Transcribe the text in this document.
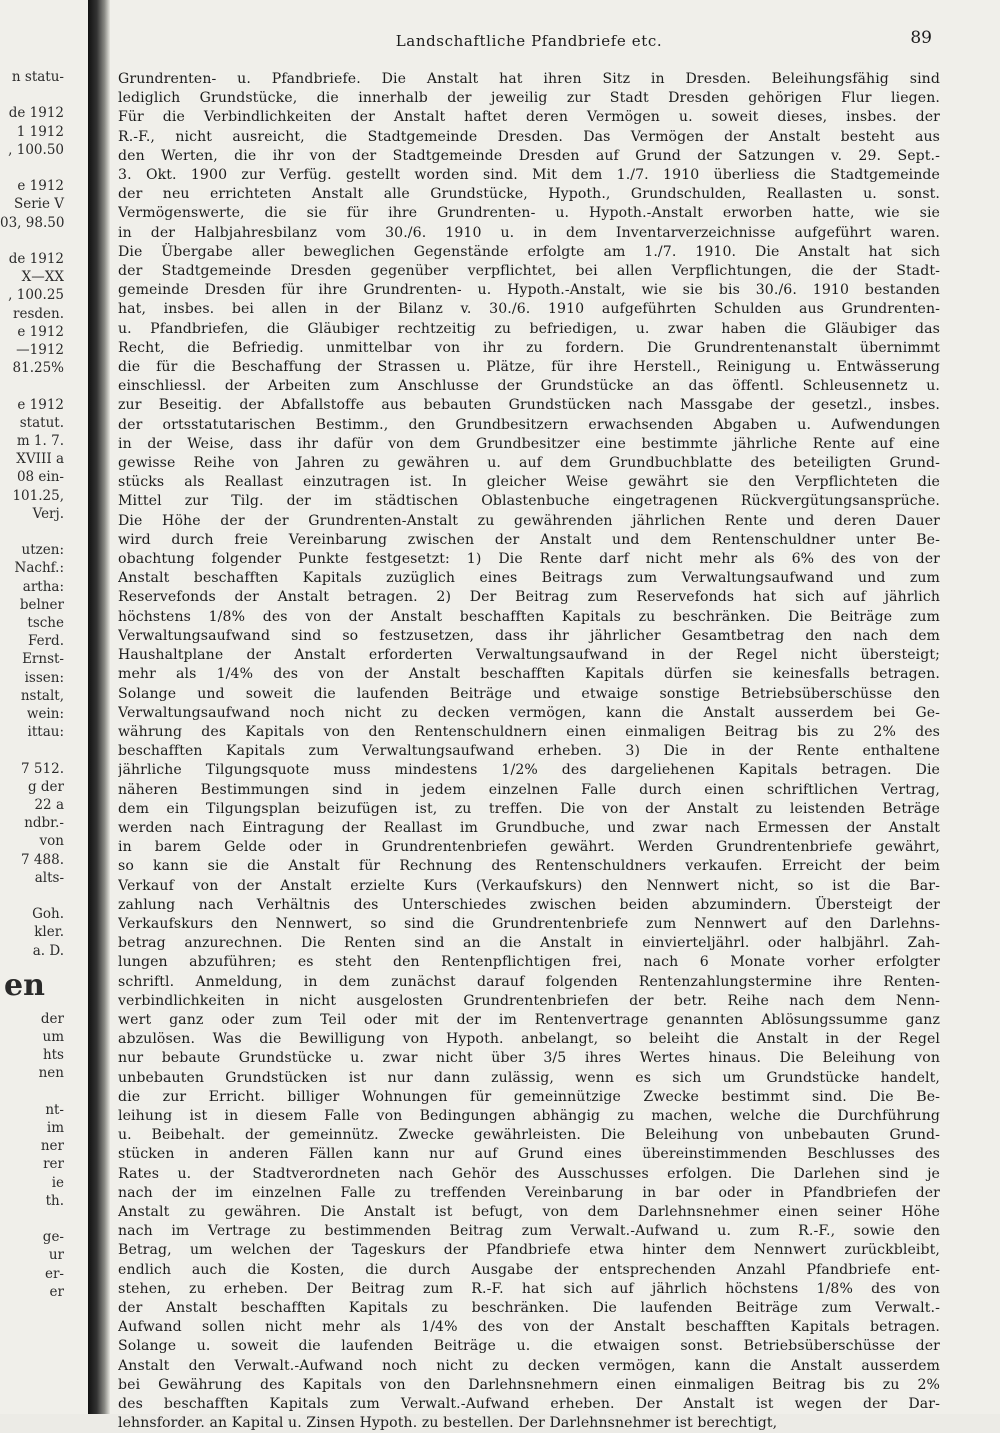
n statu-
de 1912
1 1912
, 100.50
e 1912
Serie V
03, 98.50
de 1912
X—XX
, 100.25
resden.
e 1912
—1912
81.25%
e 1912
statut.
m 1. 7.
XVIII a
08 ein-
101.25,
Verj.
utzen:
Nachf.:
artha:
belner
tsche
Ferd.
Ernst-
issen:
nstalt,
wein:
ittau:
7 512.
g der
22 a
ndbr.-
von
7 488.
alts-
Goh.
kler.
a. D.
en
der
um
hts
nen
nt-
im
ner
rer
ie
th.
ge-
ur
er-
er
Landschaftliche Pfandbriefe etc.	89
Grundrenten- u. Pfandbriefe. Die Anstalt hat ihren Sitz in Dresden. Beleihungsfähig sind
lediglich Grundstücke, die innerhalb der jeweilig zur Stadt Dresden gehörigen Flur liegen.
Für die Verbindlichkeiten der Anstalt haftet deren Vermögen u. soweit dieses, insbes. der
R.-F., nicht ausreicht, die Stadtgemeinde Dresden. Das Vermögen der Anstalt besteht aus
den Werten, die ihr von der Stadtgemeinde Dresden auf Grund der Satzungen v. 29. Sept.-
3. Okt. 1900 zur Verfüg. gestellt worden sind. Mit dem 1./7. 1910 überliess die Stadtgemeinde
der neu errichteten Anstalt alle Grundstücke, Hypoth., Grundschulden, Reallasten u. sonst.
Vermögenswerte, die sie für ihre Grundrenten- u. Hypoth.-Anstalt erworben hatte, wie sie
in der Halbjahresbilanz vom 30./6. 1910 u. in dem Inventarverzeichnisse aufgeführt waren.
Die Übergabe aller beweglichen Gegenstände erfolgte am 1./7. 1910. Die Anstalt hat sich
der Stadtgemeinde Dresden gegenüber verpflichtet, bei allen Verpflichtungen, die der Stadt-
gemeinde Dresden für ihre Grundrenten- u. Hypoth.-Anstalt, wie sie bis 30./6. 1910 bestanden
hat, insbes. bei allen in der Bilanz v. 30./6. 1910 aufgeführten Schulden aus Grundrenten-
u. Pfandbriefen, die Gläubiger rechtzeitig zu befriedigen, u. zwar haben die Gläubiger das
Recht, die Befriedig. unmittelbar von ihr zu fordern. Die Grundrentenanstalt übernimmt
die für die Beschaffung der Strassen u. Plätze, für ihre Herstell., Reinigung u. Entwässerung
einschliessl. der Arbeiten zum Anschlusse der Grundstücke an das öffentl. Schleusennetz u.
zur Beseitig. der Abfallstoffe aus bebauten Grundstücken nach Massgabe der gesetzl., insbes.
der ortsstatutarischen Bestimm., den Grundbesitzern erwachsenden Abgaben u. Aufwendungen
in der Weise, dass ihr dafür von dem Grundbesitzer eine bestimmte jährliche Rente auf eine
gewisse Reihe von Jahren zu gewähren u. auf dem Grundbuchblatte des beteiligten Grund-
stücks als Reallast einzutragen ist. In gleicher Weise gewährt sie den Verpflichteten die
Mittel zur Tilg. der im städtischen Oblastenbuche eingetragenen Rückvergütungsansprüche.
Die Höhe der der Grundrenten-Anstalt zu gewährenden jährlichen Rente und deren Dauer
wird durch freie Vereinbarung zwischen der Anstalt und dem Rentenschuldner unter Be-
obachtung folgender Punkte festgesetzt: 1) Die Rente darf nicht mehr als 6% des von der
Anstalt beschafften Kapitals zuzüglich eines Beitrags zum Verwaltungsaufwand und zum
Reservefonds der Anstalt betragen. 2) Der Beitrag zum Reservefonds hat sich auf jährlich
höchstens 1/8% des von der Anstalt beschafften Kapitals zu beschränken. Die Beiträge zum
Verwaltungsaufwand sind so festzusetzen, dass ihr jährlicher Gesamtbetrag den nach dem
Haushaltplane der Anstalt erforderten Verwaltungsaufwand in der Regel nicht übersteigt;
mehr als 1/4% des von der Anstalt beschafften Kapitals dürfen sie keinesfalls betragen.
Solange und soweit die laufenden Beiträge und etwaige sonstige Betriebsüberschüsse den
Verwaltungsaufwand noch nicht zu decken vermögen, kann die Anstalt ausserdem bei Ge-
währung des Kapitals von den Rentenschuldnern einen einmaligen Beitrag bis zu 2% des
beschafften Kapitals zum Verwaltungsaufwand erheben. 3) Die in der Rente enthaltene
jährliche Tilgungsquote muss mindestens 1/2% des dargeliehenen Kapitals betragen. Die
näheren Bestimmungen sind in jedem einzelnen Falle durch einen schriftlichen Vertrag,
dem ein Tilgungsplan beizufügen ist, zu treffen. Die von der Anstalt zu leistenden Beträge
werden nach Eintragung der Reallast im Grundbuche, und zwar nach Ermessen der Anstalt
in barem Gelde oder in Grundrentenbriefen gewährt. Werden Grundrentenbriefe gewährt,
so kann sie die Anstalt für Rechnung des Rentenschuldners verkaufen. Erreicht der beim
Verkauf von der Anstalt erzielte Kurs (Verkaufskurs) den Nennwert nicht, so ist die Bar-
zahlung nach Verhältnis des Unterschiedes zwischen beiden abzumindern. Übersteigt der
Verkaufskurs den Nennwert, so sind die Grundrentenbriefe zum Nennwert auf den Darlehns-
betrag anzurechnen. Die Renten sind an die Anstalt in einvierteljährl. oder halbjährl. Zah-
lungen abzuführen; es steht den Rentenpflichtigen frei, nach 6 Monate vorher erfolgter
schriftl. Anmeldung, in dem zunächst darauf folgenden Rentenzahlungstermine ihre Renten-
verbindlichkeiten in nicht ausgelosten Grundrentenbriefen der betr. Reihe nach dem Nenn-
wert ganz oder zum Teil oder mit der im Rentenvertrage genannten Ablösungssumme ganz
abzulösen. Was die Bewilligung von Hypoth. anbelangt, so beleiht die Anstalt in der Regel
nur bebaute Grundstücke u. zwar nicht über 3/5 ihres Wertes hinaus. Die Beleihung von
unbebauten Grundstücken ist nur dann zulässig, wenn es sich um Grundstücke handelt,
die zur Erricht. billiger Wohnungen für gemeinnützige Zwecke bestimmt sind. Die Be-
leihung ist in diesem Falle von Bedingungen abhängig zu machen, welche die Durchführung
u. Beibehalt. der gemeinnütz. Zwecke gewährleisten. Die Beleihung von unbebauten Grund-
stücken in anderen Fällen kann nur auf Grund eines übereinstimmenden Beschlusses des
Rates u. der Stadtverordneten nach Gehör des Ausschusses erfolgen. Die Darlehen sind je
nach der im einzelnen Falle zu treffenden Vereinbarung in bar oder in Pfandbriefen der
Anstalt zu gewähren. Die Anstalt ist befugt, von dem Darlehnsnehmer einen seiner Höhe
nach im Vertrage zu bestimmenden Beitrag zum Verwalt.-Aufwand u. zum R.-F., sowie den
Betrag, um welchen der Tageskurs der Pfandbriefe etwa hinter dem Nennwert zurückbleibt,
endlich auch die Kosten, die durch Ausgabe der entsprechenden Anzahl Pfandbriefe ent-
stehen, zu erheben. Der Beitrag zum R.-F. hat sich auf jährlich höchstens 1/8% des von
der Anstalt beschafften Kapitals zu beschränken. Die laufenden Beiträge zum Verwalt.-
Aufwand sollen nicht mehr als 1/4% des von der Anstalt beschafften Kapitals betragen.
Solange u. soweit die laufenden Beiträge u. die etwaigen sonst. Betriebsüberschüsse der
Anstalt den Verwalt.-Aufwand noch nicht zu decken vermögen, kann die Anstalt ausserdem
bei Gewährung des Kapitals von den Darlehnsnehmern einen einmaligen Beitrag bis zu 2%
des beschafften Kapitals zum Verwalt.-Aufwand erheben. Der Anstalt ist wegen der Dar-
lehnsforder. an Kapital u. Zinsen Hypoth. zu bestellen. Der Darlehnsnehmer ist berechtigt,
